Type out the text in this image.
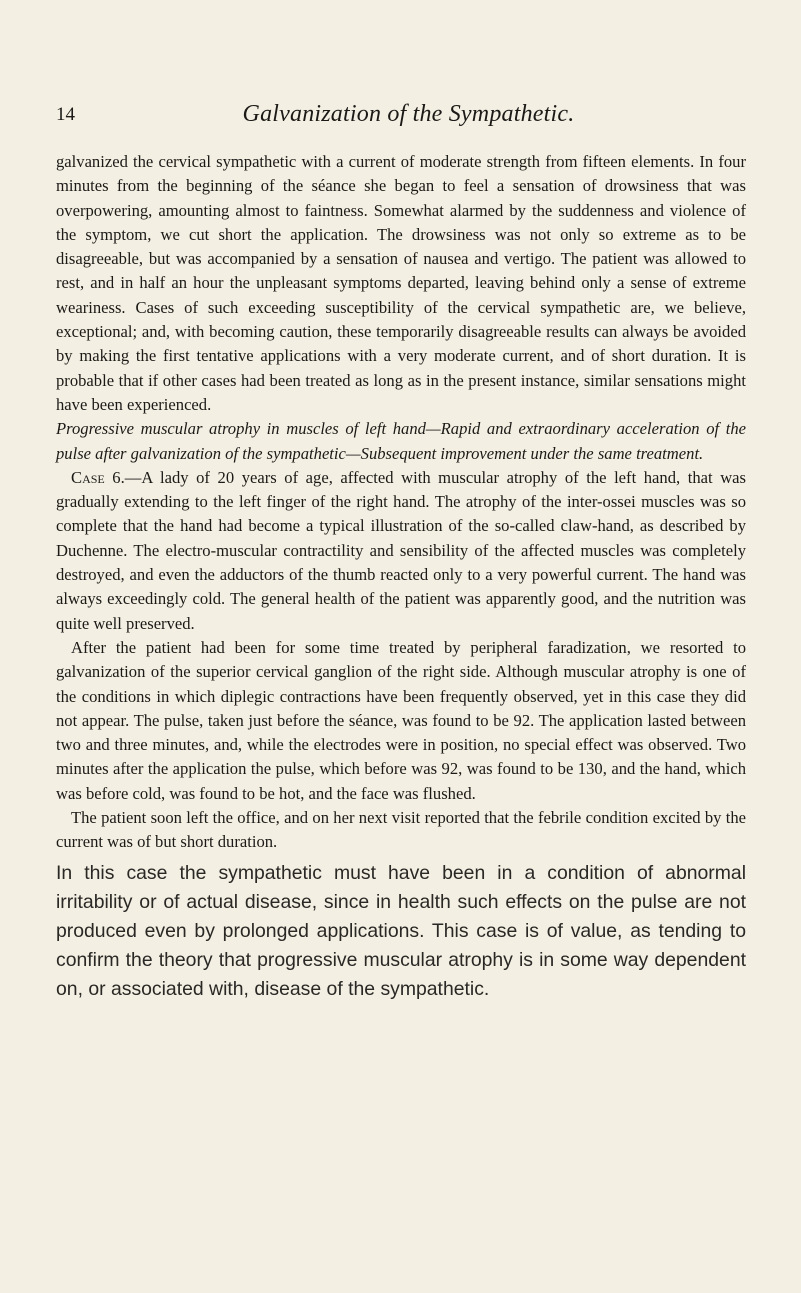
14	Galvanization of the Sympathetic.

galvanized the cervical sympathetic with a current of moderate strength from fifteen elements. In four minutes from the beginning of the séance she began to feel a sensation of drowsiness that was overpowering, amounting almost to faintness. Somewhat alarmed by the suddenness and violence of the symptom, we cut short the application. The drowsiness was not only so extreme as to be disagreeable, but was accompanied by a sensation of nausea and vertigo. The patient was allowed to rest, and in half an hour the unpleasant symptoms departed, leaving behind only a sense of extreme weariness. Cases of such exceeding susceptibility of the cervical sympathetic are, we believe, exceptional; and, with becoming caution, these temporarily disagreeable results can always be avoided by making the first tentative applications with a very moderate current, and of short duration. It is probable that if other cases had been treated as long as in the present instance, similar sensations might have been experienced.

Progressive muscular atrophy in muscles of left hand—Rapid and extraordinary acceleration of the pulse after galvanization of the sympathetic—Subsequent improvement under the same treatment.

Case 6.—A lady of 20 years of age, affected with muscular atrophy of the left hand, that was gradually extending to the left finger of the right hand. The atrophy of the inter-ossei muscles was so complete that the hand had become a typical illustration of the so-called claw-hand, as described by Duchenne. The electro-muscular contractility and sensibility of the affected muscles was completely destroyed, and even the adductors of the thumb reacted only to a very powerful current. The hand was always exceedingly cold. The general health of the patient was apparently good, and the nutrition was quite well preserved.

After the patient had been for some time treated by peripheral faradization, we resorted to galvanization of the superior cervical ganglion of the right side. Although muscular atrophy is one of the conditions in which diplegic contractions have been frequently observed, yet in this case they did not appear. The pulse, taken just before the séance, was found to be 92. The application lasted between two and three minutes, and, while the electrodes were in position, no special effect was observed. Two minutes after the application the pulse, which before was 92, was found to be 130, and the hand, which was before cold, was found to be hot, and the face was flushed.

The patient soon left the office, and on her next visit reported that the febrile condition excited by the current was of but short duration.

In this case the sympathetic must have been in a condition of abnormal irritability or of actual disease, since in health such effects on the pulse are not produced even by prolonged applications. This case is of value, as tending to confirm the theory that progressive muscular atrophy is in some way dependent on, or associated with, disease of the sympathetic.
